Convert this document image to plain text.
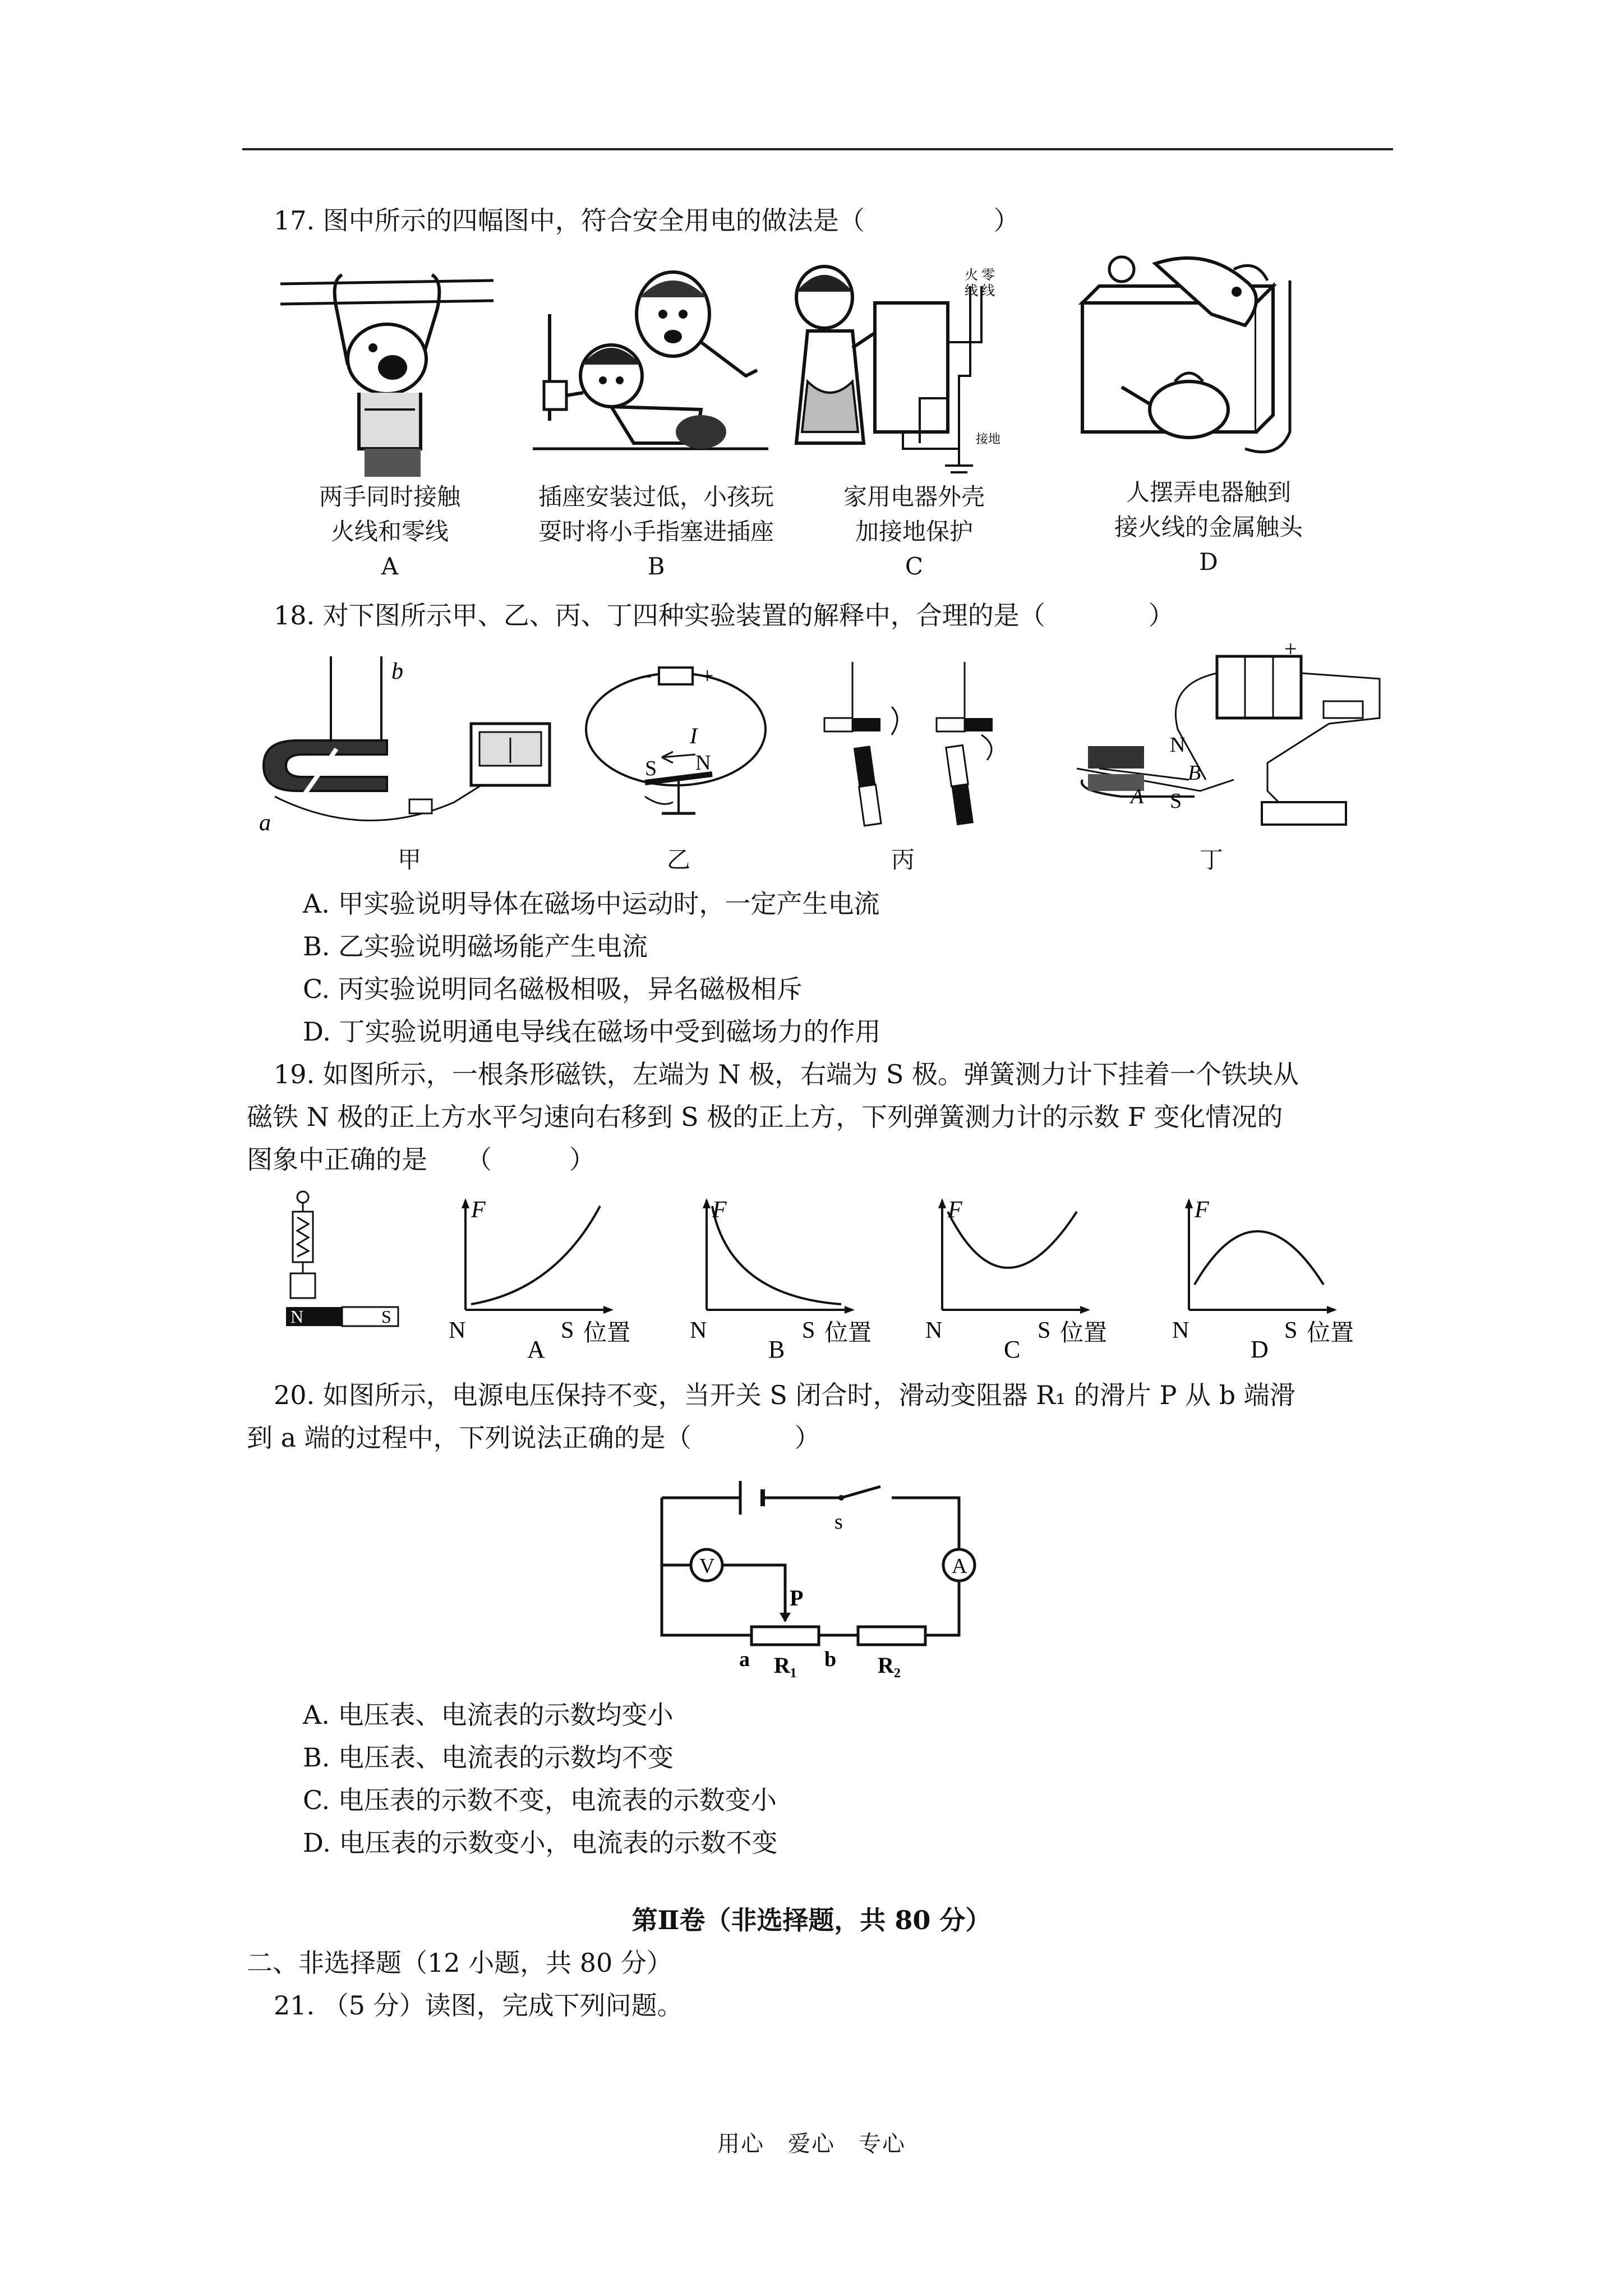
17. 图中所示的四幅图中，符合安全用电的做法是（　　　　　）
两手同时接触
火线和零线
A
插座安装过低，小孩玩
耍时将小手指塞进插座
B
火 零
线 线
接地
家用电器外壳
加接地保护
C
人摆弄电器触到
接火线的金属触头
D
18. 对下图所示甲、乙、丙、丁四种实验装置的解释中，合理的是（　　　　）
b
a
甲
− +
I
S N
乙	丙
+
N
B
A S
丁
A. 甲实验说明导体在磁场中运动时，一定产生电流
B. 乙实验说明磁场能产生电流
C. 丙实验说明同名磁极相吸，异名磁极相斥
D. 丁实验说明通电导线在磁场中受到磁场力的作用
19. 如图所示，一根条形磁铁，左端为 N 极，右端为 S 极。弹簧测力计下挂着一个铁块从
磁铁 N 极的正上方水平匀速向右移到 S 极的正上方，下列弹簧测力计的示数 F 变化情况的
图象中正确的是　　（　　　）
N	S
F
N	S 位置
A
F
N	S 位置
B
F
N	S 位置
C
F
N	S 位置
D
20. 如图所示，电源电压保持不变，当开关 S 闭合时，滑动变阻器 R₁ 的滑片 P 从 b 端滑
到 a 端的过程中，下列说法正确的是（　　　　）
s
A
V
P
a	b
R₁	R₂
A. 电压表、电流表的示数均变小
B. 电压表、电流表的示数均不变
C. 电压表的示数不变，电流表的示数变小
D. 电压表的示数变小，电流表的示数不变
第Ⅱ卷（非选择题，共 80 分）
二、非选择题（12 小题，共 80 分）
21. （5 分）读图，完成下列问题。
用心　爱心　专心
